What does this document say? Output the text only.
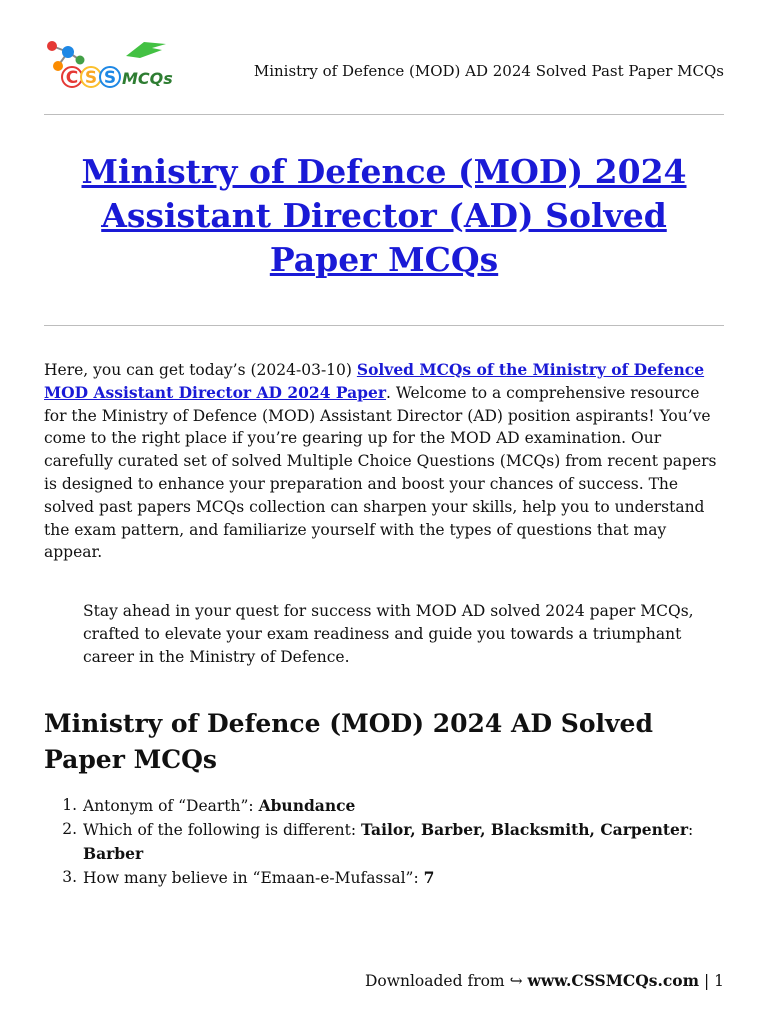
C S S MCQs	Ministry of Defence (MOD) AD 2024 Solved Past Paper MCQs
Ministry of Defence (MOD) 2024 Assistant Director (AD) Solved Paper MCQs

Here, you can get today’s (2024-03-10) Solved MCQs of the Ministry of Defence MOD Assistant Director AD 2024 Paper. Welcome to a comprehensive resource for the Ministry of Defence (MOD) Assistant Director (AD) position aspirants! You’ve come to the right place if you’re gearing up for the MOD AD examination. Our carefully curated set of solved Multiple Choice Questions (MCQs) from recent papers is designed to enhance your preparation and boost your chances of success. The solved past papers MCQs collection can sharpen your skills, help you to understand the exam pattern, and familiarize yourself with the types of questions that may appear.

Stay ahead in your quest for success with MOD AD solved 2024 paper MCQs, crafted to elevate your exam readiness and guide you towards a triumphant career in the Ministry of Defence.

Ministry of Defence (MOD) 2024 AD Solved Paper MCQs
1. Antonym of “Dearth”: Abundance
2. Which of the following is different: Tailor, Barber, Blacksmith, Carpenter: Barber
3. How many believe in “Emaan-e-Mufassal”: 7
Downloaded from ↪ www.CSSMCQs.com | 1
